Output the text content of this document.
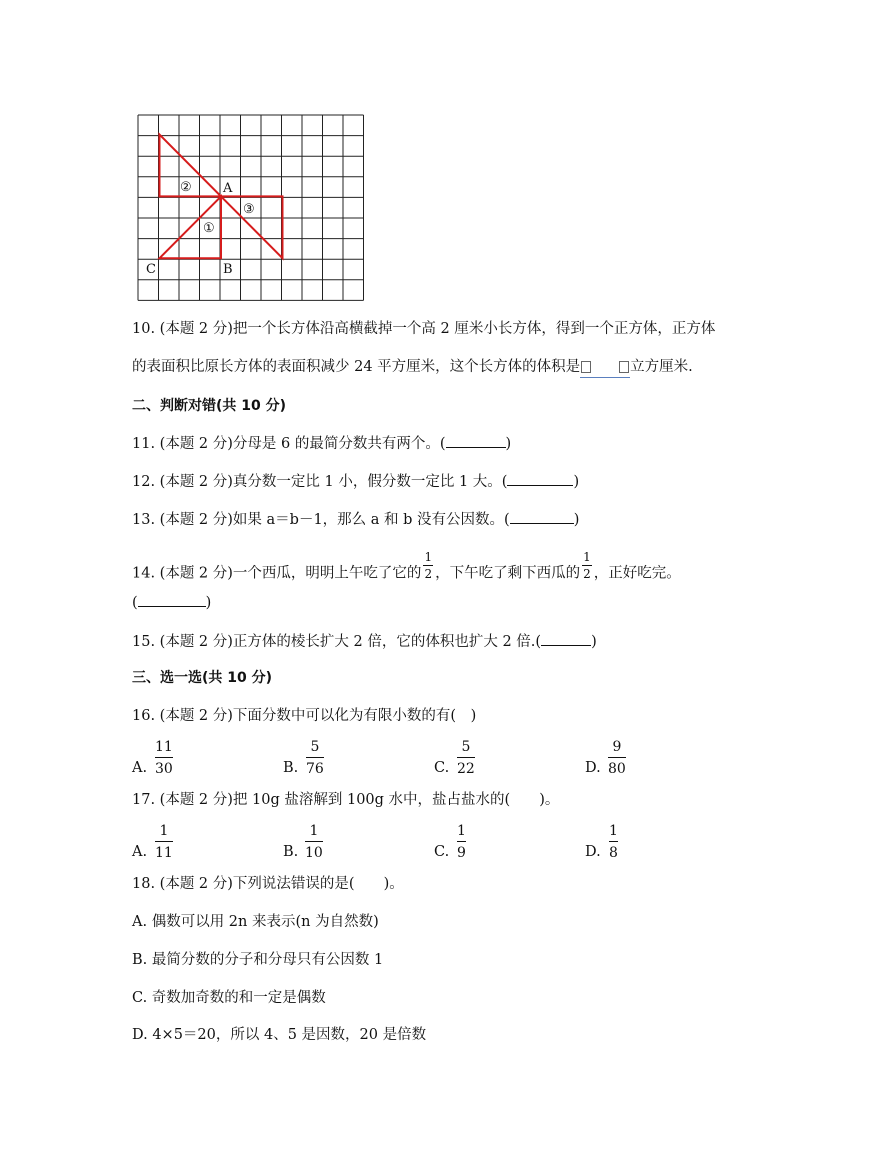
② A
③
①
C	B
10. (本题 2 分)把一个长方体沿高横截掉一个高 2 厘米小长方体，得到一个正方体，正方体
的表面积比原长方体的表面积减少 24 平方厘米，这个长方体的体积是	立方厘米.
二、判断对错(共 10 分)
11. (本题 2 分)分母是 6 的最简分数共有两个。(	)
12. (本题 2 分)真分数一定比 1 小，假分数一定比 1 大。(	)
13. (本题 2 分)如果 a＝b－1，那么 a 和 b 没有公因数。(	)
14. (本题 2 分)一个西瓜，明明上午吃了它的 $\frac{1}{2}$ ，下午吃了剩下西瓜的 $\frac{1}{2}$ ，正好吃完。
(	)
15. (本题 2 分)正方体的棱长扩大 2 倍，它的体积也扩大 2 倍.(	)
三、选一选(共 10 分)
16. (本题 2 分)下面分数中可以化为有限小数的有(　)
A.
11
30	B.
5
76	C.
5
22	D.
9
80
17. (本题 2 分)把 10g 盐溶解到 100g 水中，盐占盐水的(　　)。
A.
1
11	B.
1
10	C.
1
9	D.
1
8
18. (本题 2 分)下列说法错误的是(　　)。
A. 偶数可以用 2n 来表示(n 为自然数)
B. 最简分数的分子和分母只有公因数 1
C. 奇数加奇数的和一定是偶数
D. 4×5＝20，所以 4、5 是因数，20 是倍数
